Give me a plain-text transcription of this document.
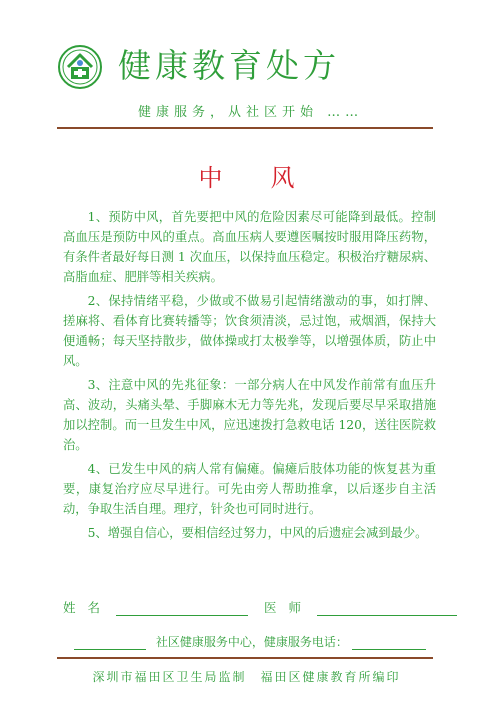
健康教育处方
健康服务，从社区开始 ……
中　　风

1、预防中风，首先要把中风的危险因素尽可能降到最低。控制高血压是预防中风的重点。高血压病人要遵医嘱按时服用降压药物，有条件者最好每日测 1 次血压，以保持血压稳定。积极治疗糖尿病、高脂血症、肥胖等相关疾病。

2、保持情绪平稳，少做或不做易引起情绪激动的事，如打牌、搓麻将、看体育比赛转播等；饮食须清淡，忌过饱，戒烟酒，保持大便通畅；每天坚持散步，做体操或打太极拳等，以增强体质，防止中风。

3、注意中风的先兆征象：一部分病人在中风发作前常有血压升高、波动，头痛头晕、手脚麻木无力等先兆，发现后要尽早采取措施加以控制。而一旦发生中风，应迅速拨打急救电话 120，送往医院救治。

4、已发生中风的病人常有偏瘫。偏瘫后肢体功能的恢复甚为重要，康复治疗应尽早进行。可先由旁人帮助推拿，以后逐步自主活动，争取生活自理。理疗，针灸也可同时进行。

5、增强自信心，要相信经过努力，中风的后遗症会减到最少。

姓名	医师
社区健康服务中心，健康服务电话：
深圳市福田区卫生局监制　福田区健康教育所编印
